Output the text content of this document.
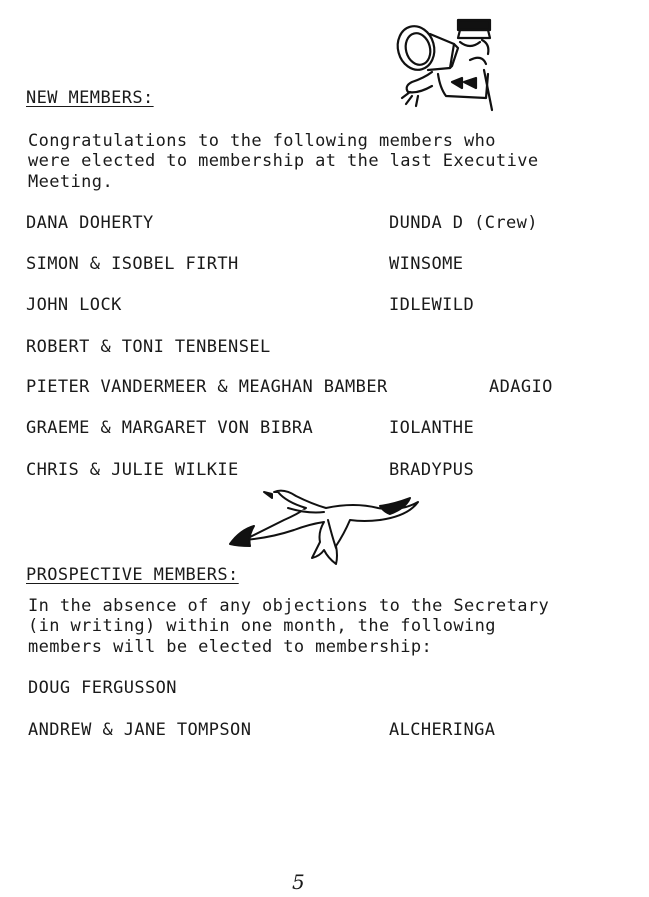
NEW MEMBERS:
Congratulations to the following members who
were elected to membership at the last Executive
Meeting.
DANA DOHERTY	DUNDA D (Crew)
SIMON & ISOBEL FIRTH	WINSOME
JOHN LOCK	IDLEWILD
ROBERT & TONI TENBENSEL
PIETER VANDERMEER & MEAGHAN BAMBER	ADAGIO
GRAEME & MARGARET VON BIBRA	IOLANTHE
CHRIS & JULIE WILKIE	BRADYPUS
PROSPECTIVE MEMBERS:
In the absence of any objections to the Secretary
(in writing) within one month, the following
members will be elected to membership:
DOUG FERGUSSON
ANDREW & JANE TOMPSON	ALCHERINGA
5
